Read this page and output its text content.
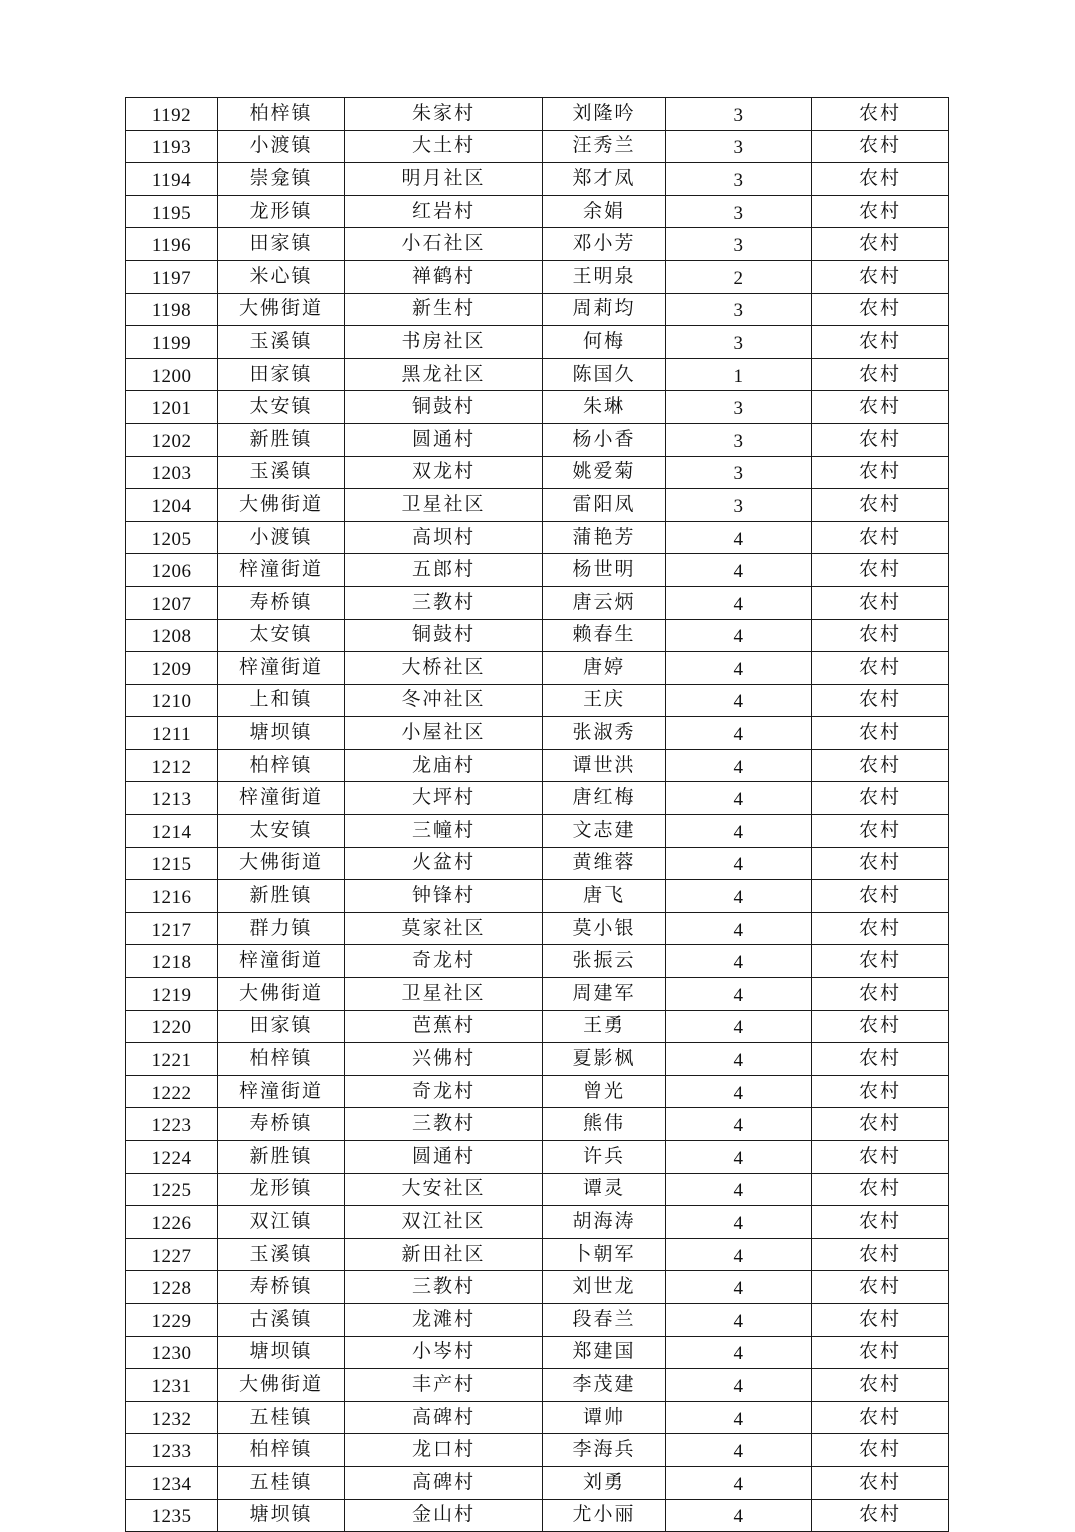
1192	柏梓镇	朱家村	刘隆吟	3	农村
1193	小渡镇	大土村	汪秀兰	3	农村
1194	崇龛镇	明月社区	郑才凤	3	农村
1195	龙形镇	红岩村	余娟	3	农村
1196	田家镇	小石社区	邓小芳	3	农村
1197	米心镇	禅鹤村	王明泉	2	农村
1198	大佛街道	新生村	周莉均	3	农村
1199	玉溪镇	书房社区	何梅	3	农村
1200	田家镇	黑龙社区	陈国久	1	农村
1201	太安镇	铜鼓村	朱琳	3	农村
1202	新胜镇	圆通村	杨小香	3	农村
1203	玉溪镇	双龙村	姚爱菊	3	农村
1204	大佛街道	卫星社区	雷阳凤	3	农村
1205	小渡镇	高坝村	蒲艳芳	4	农村
1206	梓潼街道	五郎村	杨世明	4	农村
1207	寿桥镇	三教村	唐云炳	4	农村
1208	太安镇	铜鼓村	赖春生	4	农村
1209	梓潼街道	大桥社区	唐婷	4	农村
1210	上和镇	冬冲社区	王庆	4	农村
1211	塘坝镇	小屋社区	张淑秀	4	农村
1212	柏梓镇	龙庙村	谭世洪	4	农村
1213	梓潼街道	大坪村	唐红梅	4	农村
1214	太安镇	三幢村	文志建	4	农村
1215	大佛街道	火盆村	黄维蓉	4	农村
1216	新胜镇	钟锋村	唐飞	4	农村
1217	群力镇	莫家社区	莫小银	4	农村
1218	梓潼街道	奇龙村	张振云	4	农村
1219	大佛街道	卫星社区	周建军	4	农村
1220	田家镇	芭蕉村	王勇	4	农村
1221	柏梓镇	兴佛村	夏影枫	4	农村
1222	梓潼街道	奇龙村	曾光	4	农村
1223	寿桥镇	三教村	熊伟	4	农村
1224	新胜镇	圆通村	许兵	4	农村
1225	龙形镇	大安社区	谭灵	4	农村
1226	双江镇	双江社区	胡海涛	4	农村
1227	玉溪镇	新田社区	卜朝军	4	农村
1228	寿桥镇	三教村	刘世龙	4	农村
1229	古溪镇	龙滩村	段春兰	4	农村
1230	塘坝镇	小岑村	郑建国	4	农村
1231	大佛街道	丰产村	李茂建	4	农村
1232	五桂镇	高碑村	谭帅	4	农村
1233	柏梓镇	龙口村	李海兵	4	农村
1234	五桂镇	高碑村	刘勇	4	农村
1235	塘坝镇	金山村	尤小丽	4	农村
